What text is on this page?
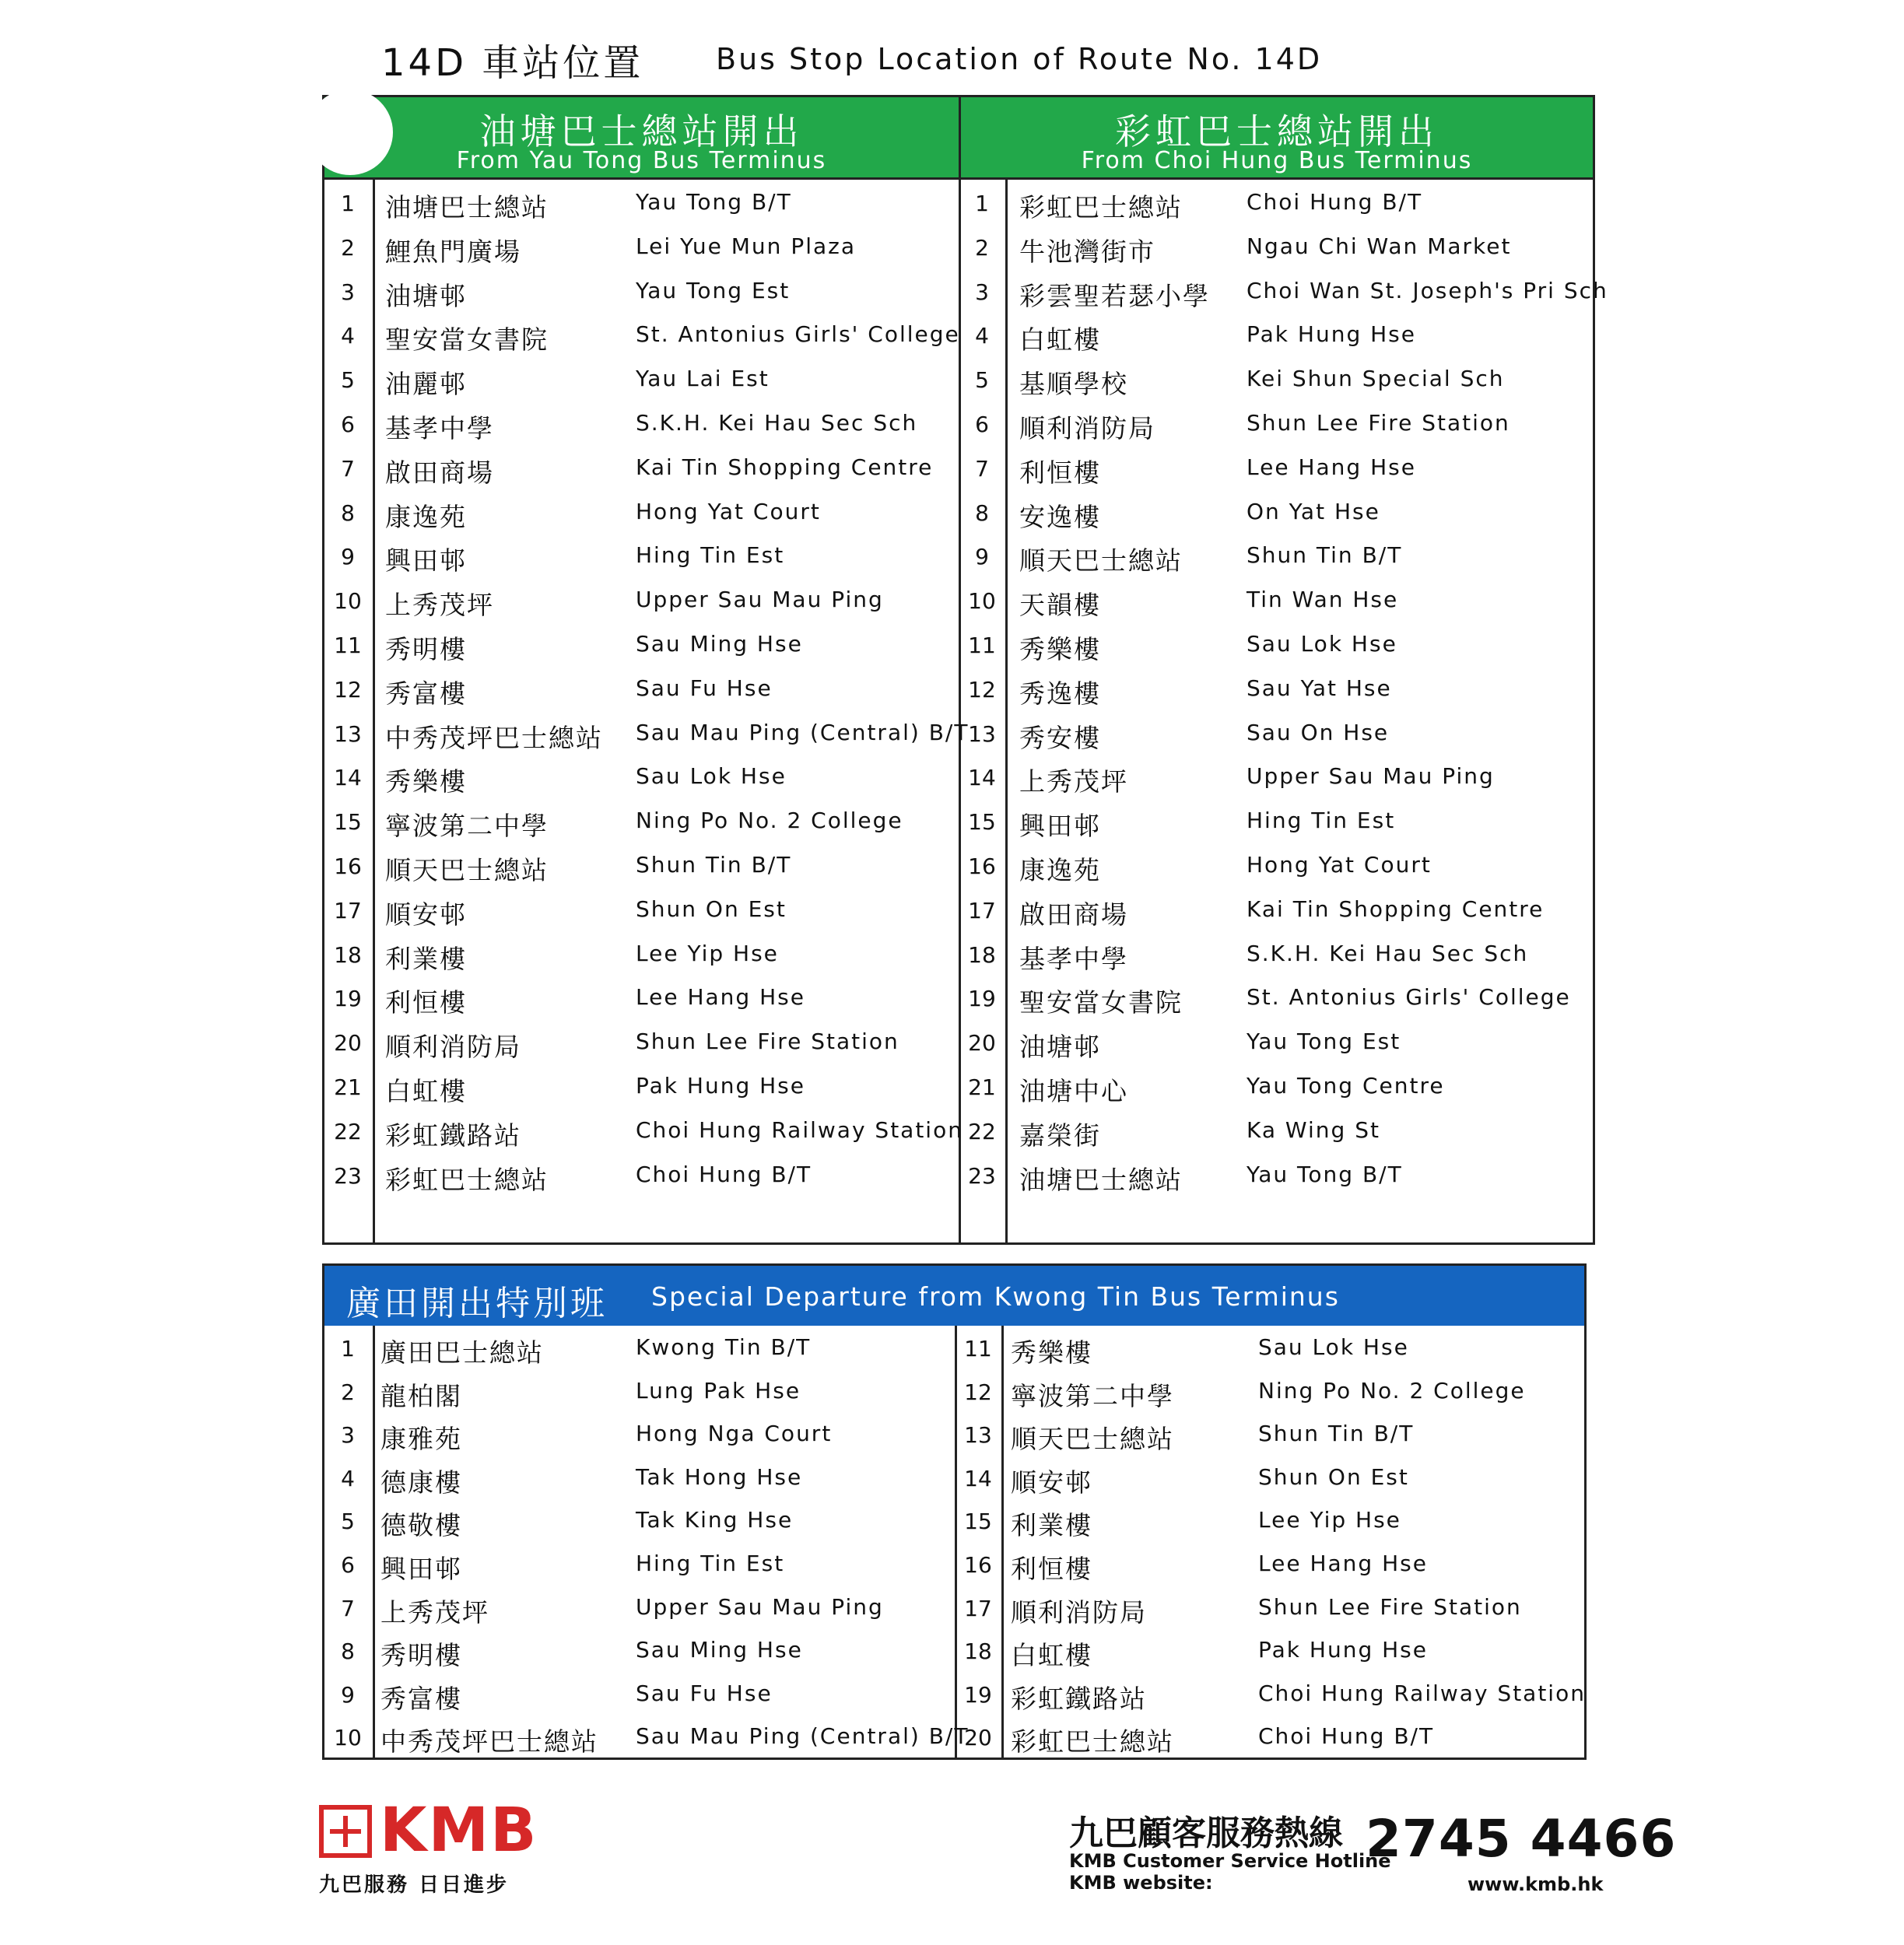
14D 車站位置 Bus Stop Location of Route No. 14D
油塘巴士總站開出
From Yau Tong Bus Terminus
彩虹巴士總站開出
From Choi Hung Bus Terminus
1	油塘巴士總站	Yau Tong B/T
2	鯉魚門廣場	Lei Yue Mun Plaza
3	油塘邨	Yau Tong Est
4	聖安當女書院	St. Antonius Girls' College
5	油麗邨	Yau Lai Est
6	基孝中學	S.K.H. Kei Hau Sec Sch
7	啟田商場	Kai Tin Shopping Centre
8	康逸苑	Hong Yat Court
9	興田邨	Hing Tin Est
10 上秀茂坪	Upper Sau Mau Ping
11 秀明樓	Sau Ming Hse
12 秀富樓	Sau Fu Hse
13 中秀茂坪巴士總站 Sau Mau Ping (Central) B/T
14 秀樂樓	Sau Lok Hse
15 寧波第二中學	Ning Po No. 2 College
16 順天巴士總站	Shun Tin B/T
17 順安邨	Shun On Est
18 利業樓	Lee Yip Hse
19 利恒樓	Lee Hang Hse
20 順利消防局	Shun Lee Fire Station
21 白虹樓	Pak Hung Hse
22 彩虹鐵路站	Choi Hung Railway Station
23 彩虹巴士總站	Choi Hung B/T
1	彩虹巴士總站	Choi Hung B/T
2	牛池灣街市	Ngau Chi Wan Market
3	彩雲聖若瑟小學 Choi Wan St. Joseph's Pri Sch
4	白虹樓	Pak Hung Hse
5	基順學校	Kei Shun Special Sch
6	順利消防局	Shun Lee Fire Station
7	利恒樓	Lee Hang Hse
8	安逸樓	On Yat Hse
9	順天巴士總站	Shun Tin B/T
10 天韻樓	Tin Wan Hse
11 秀樂樓	Sau Lok Hse
12 秀逸樓	Sau Yat Hse
13 秀安樓	Sau On Hse
14 上秀茂坪	Upper Sau Mau Ping
15 興田邨	Hing Tin Est
16 康逸苑	Hong Yat Court
17 啟田商場	Kai Tin Shopping Centre
18 基孝中學	S.K.H. Kei Hau Sec Sch
19 聖安當女書院	St. Antonius Girls' College
20 油塘邨	Yau Tong Est
21 油塘中心	Yau Tong Centre
22 嘉榮街	Ka Wing St
23 油塘巴士總站	Yau Tong B/T
廣田開出特別班 Special Departure from Kwong Tin Bus Terminus
1	廣田巴士總站	Kwong Tin B/T
2	龍柏閣	Lung Pak Hse
3	康雅苑	Hong Nga Court
4	德康樓	Tak Hong Hse
5	德敬樓	Tak King Hse
6	興田邨	Hing Tin Est
7	上秀茂坪	Upper Sau Mau Ping
8	秀明樓	Sau Ming Hse
9	秀富樓	Sau Fu Hse
10 中秀茂坪巴士總站 Sau Mau Ping (Central) B/T
11 秀樂樓	Sau Lok Hse
12 寧波第二中學	Ning Po No. 2 College
13 順天巴士總站	Shun Tin B/T
14 順安邨	Shun On Est
15 利業樓	Lee Yip Hse
16 利恒樓	Lee Hang Hse
17 順利消防局	Shun Lee Fire Station
18 白虹樓	Pak Hung Hse
19 彩虹鐵路站	Choi Hung Railway Station
20 彩虹巴士總站	Choi Hung B/T
KMB
九巴服務 日日進步
九巴顧客服務熱線
KMB Customer Service Hotline
KMB website:
2745 4466
www.kmb.hk
